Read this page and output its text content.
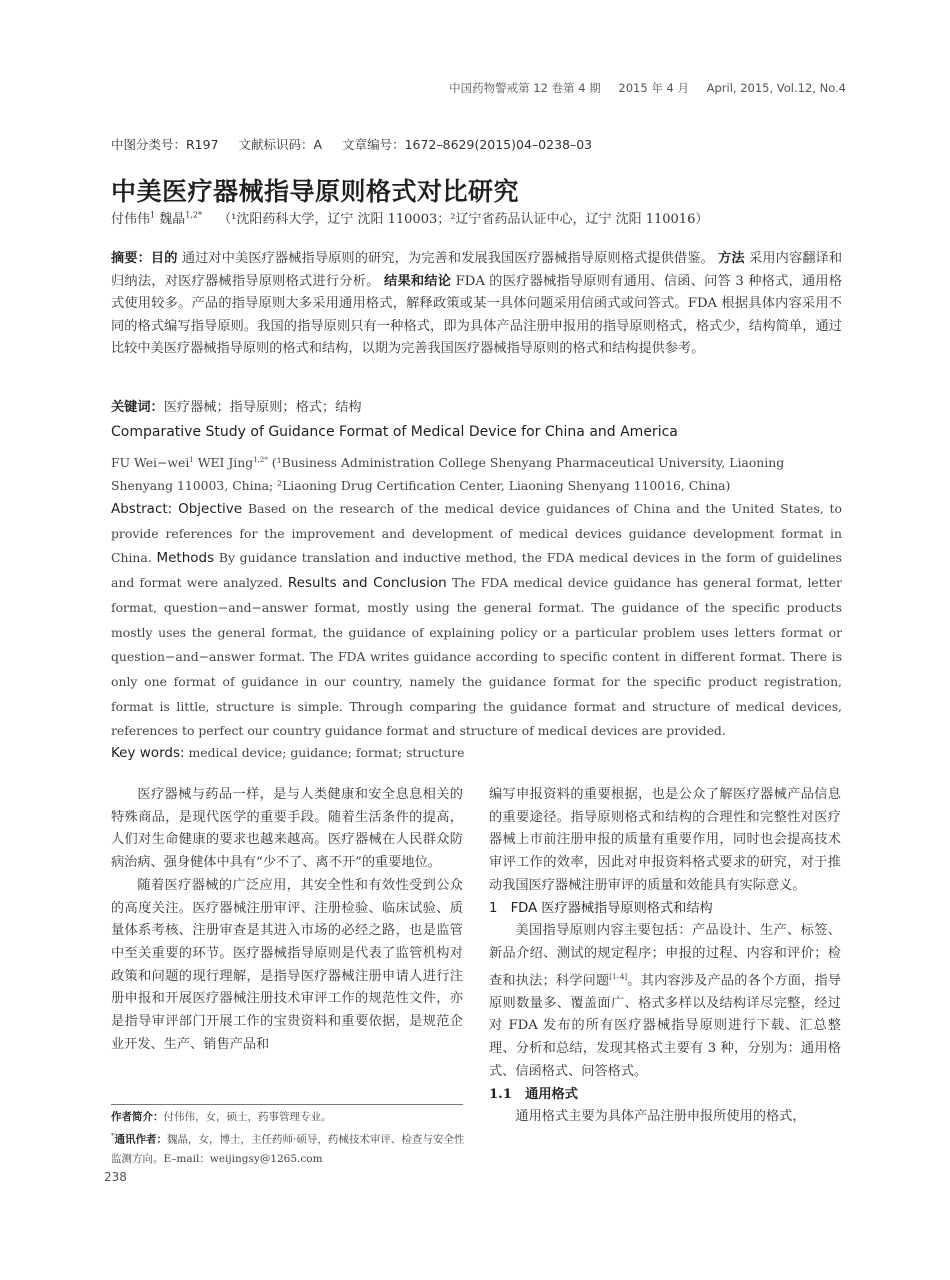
中国药物警戒第 12 卷第 4 期 2015 年 4 月 April, 2015, Vol.12, No.4
中图分类号：R197 文献标识码：A 文章编号：1672–8629(2015)04–0238–03
中美医疗器械指导原则格式对比研究
付伟伟$^1$ 魏晶$^{1,2*}$ （¹沈阳药科大学，辽宁 沈阳 110003；²辽宁省药品认证中心，辽宁 沈阳 110016）
摘要：目的 通过对中美医疗器械指导原则的研究，为完善和发展我国医疗器械指导原则格式提供借鉴。 方法 采用内容翻译和归纳法，对医疗器械指导原则格式进行分析。 结果和结论 FDA 的医疗器械指导原则有通用、信函、问答 3 种格式，通用格式使用较多。产品的指导原则大多采用通用格式，解释政策或某一具体问题采用信函式或问答式。FDA 根据具体内容采用不同的格式编写指导原则。我国的指导原则只有一种格式，即为具体产品注册申报用的指导原则格式，格式少，结构简单，通过比较中美医疗器械指导原则的格式和结构，以期为完善我国医疗器械指导原则的格式和结构提供参考。
关键词：医疗器械；指导原则；格式；结构
Comparative Study of Guidance Format of Medical Device for China and America
FU Wei−wei$^1$ WEI Jing$^{1,2*}$ (¹Business Administration College Shenyang Pharmaceutical University, Liaoning Shenyang 110003, China; ²Liaoning Drug Certification Center, Liaoning Shenyang 110016, China)
Abstract: Objective Based on the research of the medical device guidances of China and the United States, to provide references for the improvement and development of medical devices guidance development format in China. Methods By guidance translation and inductive method, the FDA medical devices in the form of guidelines and format were analyzed. Results and Conclusion The FDA medical device guidance has general format, letter format, question−and−answer format, mostly using the general format. The guidance of the specific products mostly uses the general format, the guidance of explaining policy or a particular problem uses letters format or question−and−answer format. The FDA writes guidance according to specific content in different format. There is only one format of guidance in our country, namely the guidance format for the specific product registration, format is little, structure is simple. Through comparing the guidance format and structure of medical devices, references to perfect our country guidance format and structure of medical devices are provided.
Key words: medical device; guidance; format; structure

医疗器械与药品一样，是与人类健康和安全息息相关的特殊商品，是现代医学的重要手段。随着生活条件的提高，人们对生命健康的要求也越来越高。医疗器械在人民群众防病治病、强身健体中具有“少不了、离不开”的重要地位。

随着医疗器械的广泛应用，其安全性和有效性受到公众的高度关注。医疗器械注册审评、注册检验、临床试验、质量体系考核、注册审查是其进入市场的必经之路，也是监管中至关重要的环节。医疗器械指导原则是代表了监管机构对政策和问题的现行理解，是指导医疗器械注册申请人进行注册申报和开展医疗器械注册技术审评工作的规范性文件，亦是指导审评部门开展工作的宝贵资料和重要依据，是规范企业开发、生产、销售产品和

编写申报资料的重要根据，也是公众了解医疗器械产品信息的重要途径。指导原则格式和结构的合理性和完整性对医疗器械上市前注册申报的质量有重要作用，同时也会提高技术审评工作的效率，因此对申报资料格式要求的研究，对于推动我国医疗器械注册审评的质量和效能具有实际意义。

1　FDA 医疗器械指导原则格式和结构

美国指导原则内容主要包括：产品设计、生产、标签、新品介绍、测试的规定程序；申报的过程、内容和评价；检查和执法；科学问题[1–4]。其内容涉及产品的各个方面，指导原则数量多、覆盖面广、格式多样以及结构详尽完整，经过对 FDA 发布的所有医疗器械指导原则进行下载、汇总整理、分析和总结，发现其格式主要有 3 种，分别为：通用格式、信函格式、问答格式。

1.1　通用格式

通用格式主要为具体产品注册申报所使用的格式，

作者简介：付伟伟，女，硕士，药事管理专业。
*通讯作者：魏晶，女，博士，主任药师·硕导，药械技术审评、检查与安全性监测方向。E–mail：weijingsy@1265.com
238
